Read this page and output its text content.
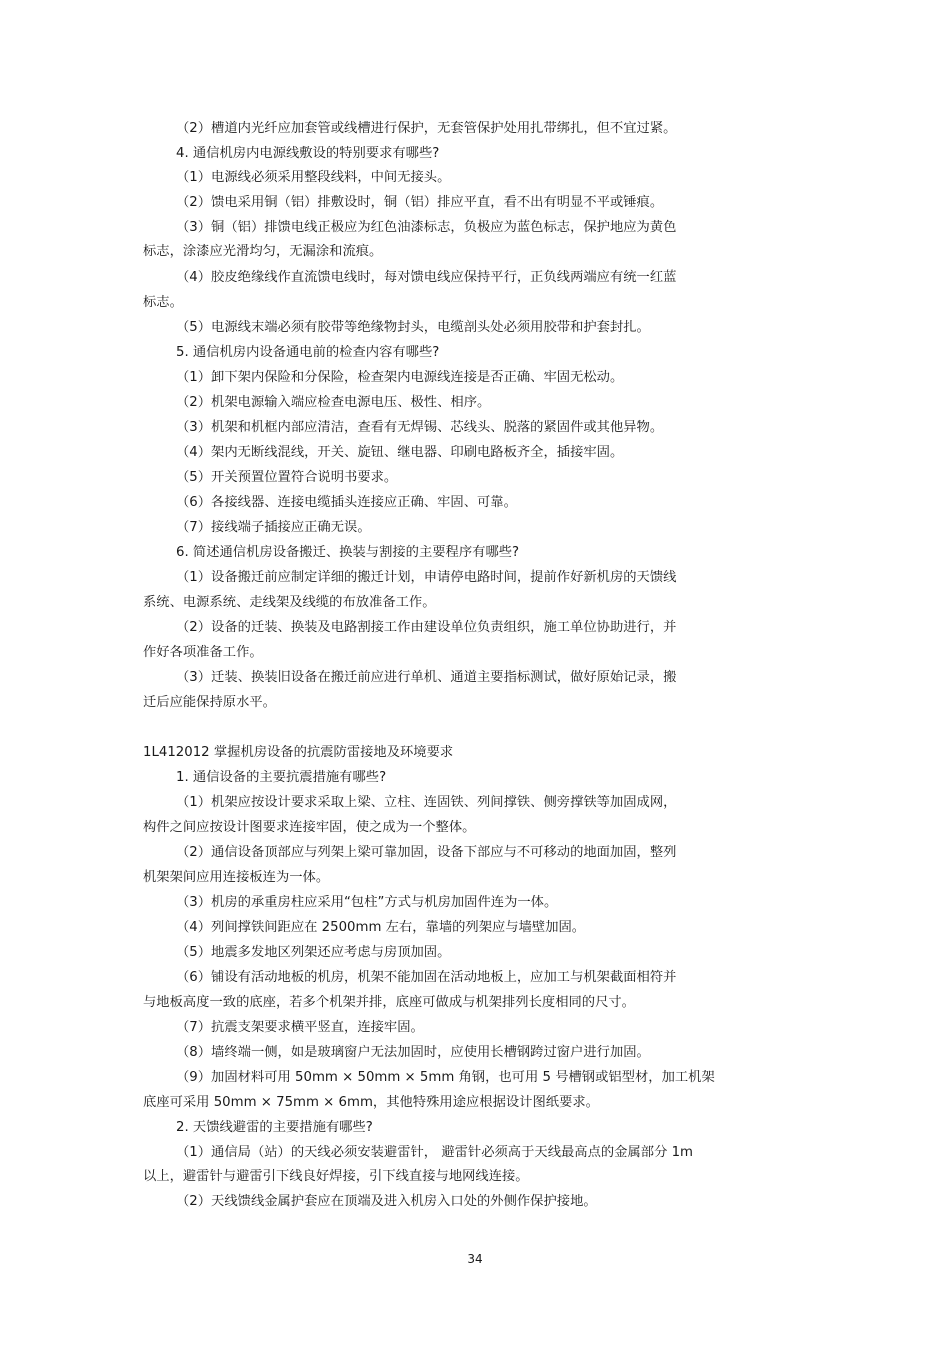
（2）槽道内光纤应加套管或线槽进行保护，无套管保护处用扎带绑扎，但不宜过紧。
4. 通信机房内电源线敷设的特别要求有哪些?
（1）电源线必须采用整段线料，中间无接头。
（2）馈电采用铜（铝）排敷设时，铜（铝）排应平直，看不出有明显不平或锤痕。
（3）铜（铝）排馈电线正极应为红色油漆标志，负极应为蓝色标志，保护地应为黄色
标志，涂漆应光滑均匀，无漏涂和流痕。
（4）胶皮绝缘线作直流馈电线时，每对馈电线应保持平行，正负线两端应有统一红蓝
标志。
（5）电源线末端必须有胶带等绝缘物封头，电缆剖头处必须用胶带和护套封扎。
5. 通信机房内设备通电前的检查内容有哪些?
（1）卸下架内保险和分保险，检查架内电源线连接是否正确、牢固无松动。
（2）机架电源输入端应检查电源电压、极性、相序。
（3）机架和机框内部应清洁，查看有无焊锡、芯线头、脱落的紧固件或其他异物。
（4）架内无断线混线，开关、旋钮、继电器、印刷电路板齐全，插接牢固。
（5）开关预置位置符合说明书要求。
（6）各接线器、连接电缆插头连接应正确、牢固、可靠。
（7）接线端子插接应正确无误。
6. 简述通信机房设备搬迁、换装与割接的主要程序有哪些?
（1）设备搬迁前应制定详细的搬迁计划，申请停电路时间，提前作好新机房的天馈线
系统、电源系统、走线架及线缆的布放准备工作。
（2）设备的迁装、换装及电路割接工作由建设单位负责组织，施工单位协助进行，并
作好各项准备工作。
（3）迁装、换装旧设备在搬迁前应进行单机、通道主要指标测试，做好原始记录，搬
迁后应能保持原水平。
1L412012 掌握机房设备的抗震防雷接地及环境要求
1. 通信设备的主要抗震措施有哪些?
（1）机架应按设计要求采取上梁、立柱、连固铁、列间撑铁、侧旁撑铁等加固成网，
构件之间应按设计图要求连接牢固，使之成为一个整体。
（2）通信设备顶部应与列架上梁可靠加固，设备下部应与不可移动的地面加固，整列
机架架间应用连接板连为一体。
（3）机房的承重房柱应采用“包柱”方式与机房加固件连为一体。
（4）列间撑铁间距应在 2500mm 左右，靠墙的列架应与墙壁加固。
（5）地震多发地区列架还应考虑与房顶加固。
（6）铺设有活动地板的机房，机架不能加固在活动地板上，应加工与机架截面相符并
与地板高度一致的底座，若多个机架并排，底座可做成与机架排列长度相同的尺寸。
（7）抗震支架要求横平竖直，连接牢固。
（8）墙终端一侧，如是玻璃窗户无法加固时，应使用长槽钢跨过窗户进行加固。
（9）加固材料可用 50mm × 50mm × 5mm 角钢，也可用 5 号槽钢或铝型材，加工机架
底座可采用 50mm × 75mm × 6mm，其他特殊用途应根据设计图纸要求。
2. 天馈线避雷的主要措施有哪些?
（1）通信局（站）的天线必须安装避雷针， 避雷针必须高于天线最高点的金属部分 1m
以上，避雷针与避雷引下线良好焊接，引下线直接与地网线连接。
（2）天线馈线金属护套应在顶端及进入机房入口处的外侧作保护接地。
34
